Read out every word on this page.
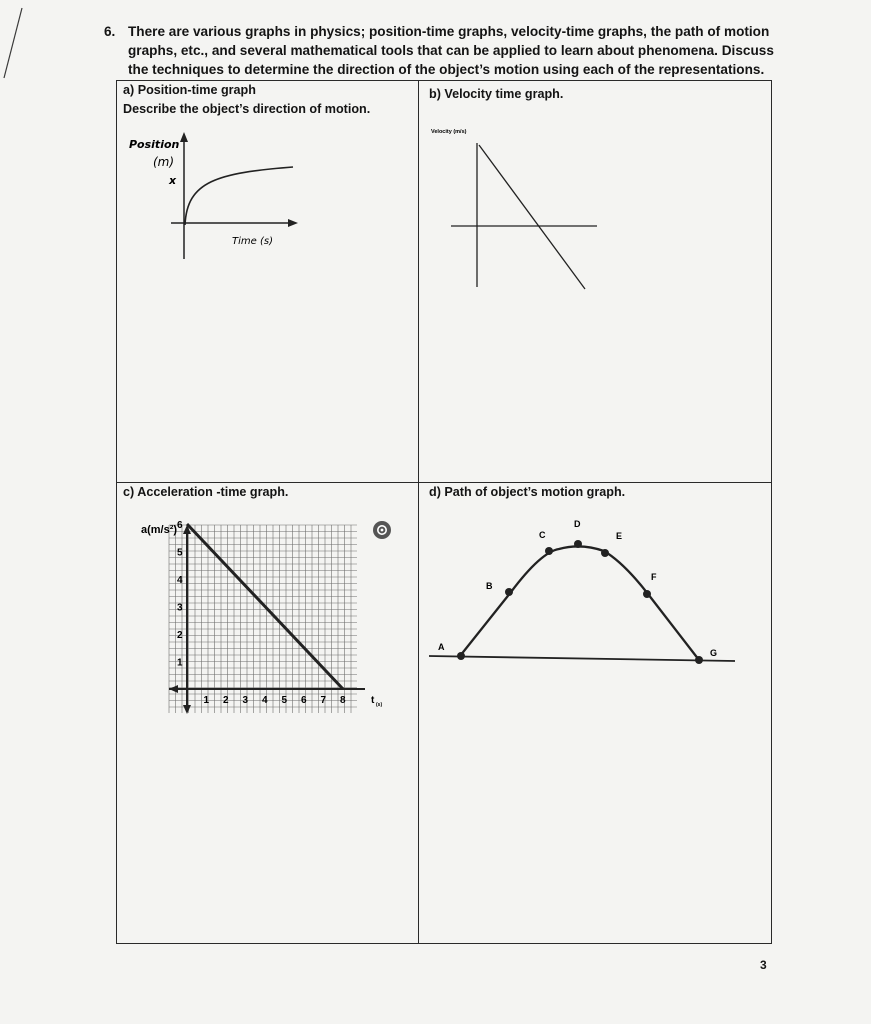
6. There are various graphs in physics; position-time graphs, velocity-time graphs, the path of motion graphs, etc., and several mathematical tools that can be applied to learn about phenomena. Discuss the techniques to determine the direction of the object’s motion using each of the representations.
a) Position-time graph
Describe the object’s direction of motion.
Position
(m)
x
Time (s)
b) Velocity time graph.
Velocity (m/s)
c) Acceleration -time graph.
1 2 3 4 5 6 7 8
1
2
3
4
5
6
a(m/s²)
t (s)
d) Path of object’s motion graph.
A
B
C
D
E
F
G
3
